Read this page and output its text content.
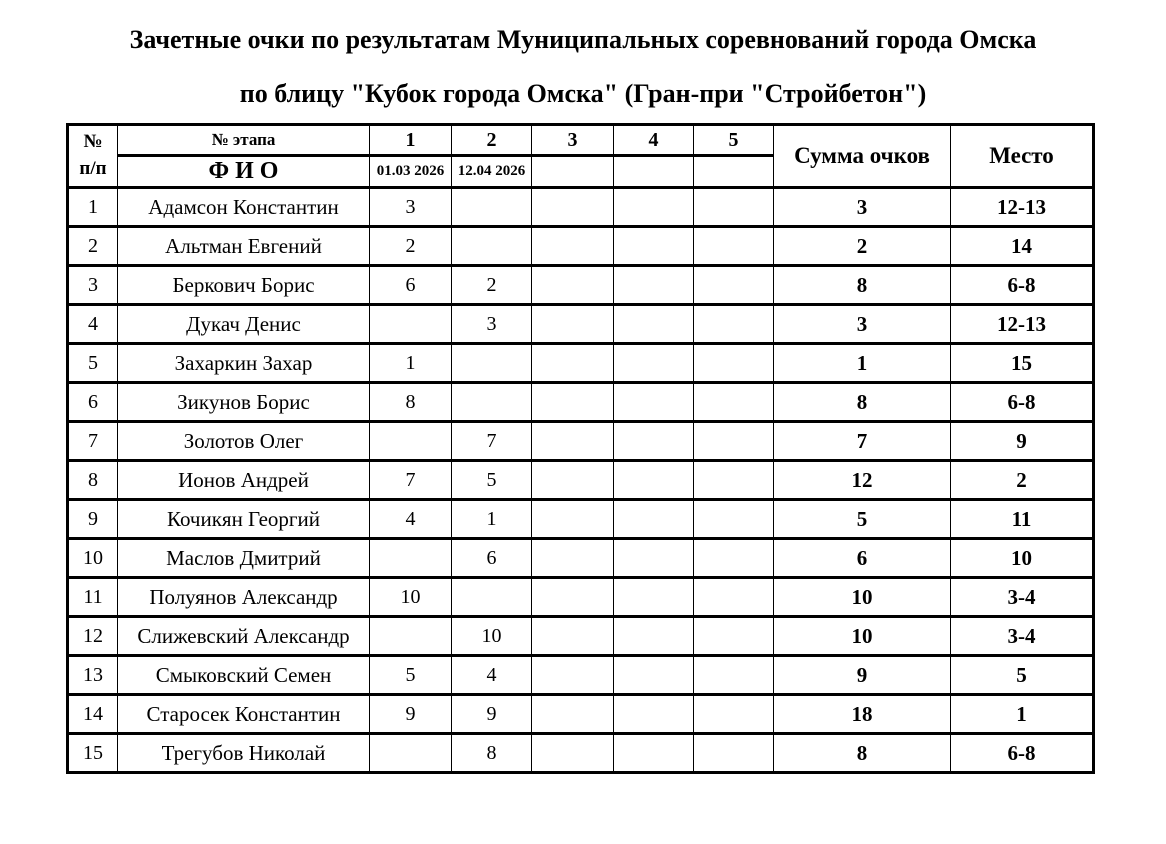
Зачетные очки по результатам Муниципальных соревнований города Омска
по блицу "Кубок города Омска" (Гран-при "Стройбетон")
№
п/п	№ этапа	1	2	3	4	5	Сумма очков	Место
	Ф И О	01.03 2026	12.04 2026					
1	Адамсон Константин	3					3	12-13
2	Альтман Евгений	2					2	14
3	Беркович Борис	6	2				8	6-8
4	Дукач Денис		3				3	12-13
5	Захаркин Захар	1					1	15
6	Зикунов Борис	8					8	6-8
7	Золотов Олег		7				7	9
8	Ионов Андрей	7	5				12	2
9	Кочикян Георгий	4	1				5	11
10	Маслов Дмитрий		6				6	10
11	Полуянов Александр	10					10	3-4
12	Слижевский Александр		10				10	3-4
13	Смыковский Семен	5	4				9	5
14	Старосек Константин	9	9				18	1
15	Трегубов Николай		8				8	6-8
